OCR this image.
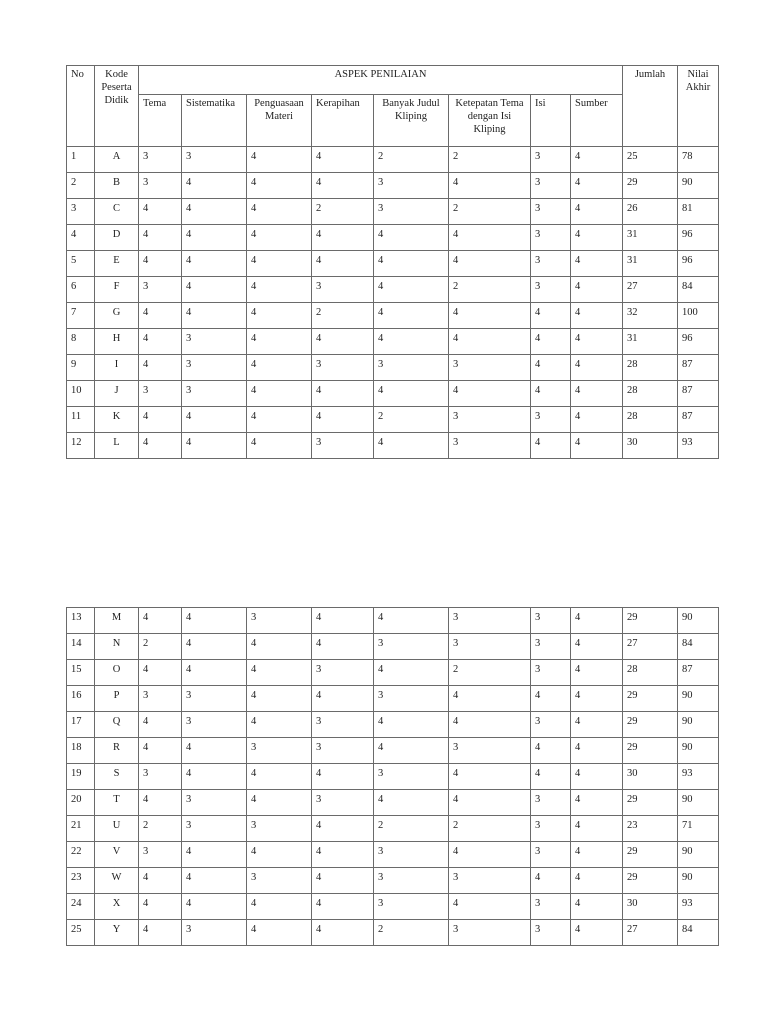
No	Kode Peserta Didik	ASPEK PENILAIAN								Jumlah	Nilai Akhir
		Tema	Sistematika	Penguasaan Materi	Kerapihan	Banyak Judul Kliping	Ketepatan Tema dengan Isi Kliping	Isi	Sumber		
1	A	3	3	4	4	2	2	3	4	25	78
2	B	3	4	4	4	3	4	3	4	29	90
3	C	4	4	4	2	3	2	3	4	26	81
4	D	4	4	4	4	4	4	3	4	31	96
5	E	4	4	4	4	4	4	3	4	31	96
6	F	3	4	4	3	4	2	3	4	27	84
7	G	4	4	4	2	4	4	4	4	32	100
8	H	4	3	4	4	4	4	4	4	31	96
9	I	4	3	4	3	3	3	4	4	28	87
10	J	3	3	4	4	4	4	4	4	28	87
11	K	4	4	4	4	2	3	3	4	28	87
12	L	4	4	4	3	4	3	4	4	30	93
13	M	4	4	3	4	4	3	3	4	29	90
14	N	2	4	4	4	3	3	3	4	27	84
15	O	4	4	4	3	4	2	3	4	28	87
16	P	3	3	4	4	3	4	4	4	29	90
17	Q	4	3	4	3	4	4	3	4	29	90
18	R	4	4	3	3	4	3	4	4	29	90
19	S	3	4	4	4	3	4	4	4	30	93
20	T	4	3	4	3	4	4	3	4	29	90
21	U	2	3	3	4	2	2	3	4	23	71
22	V	3	4	4	4	3	4	3	4	29	90
23	W	4	4	3	4	3	3	4	4	29	90
24	X	4	4	4	4	3	4	3	4	30	93
25	Y	4	3	4	4	2	3	3	4	27	84
